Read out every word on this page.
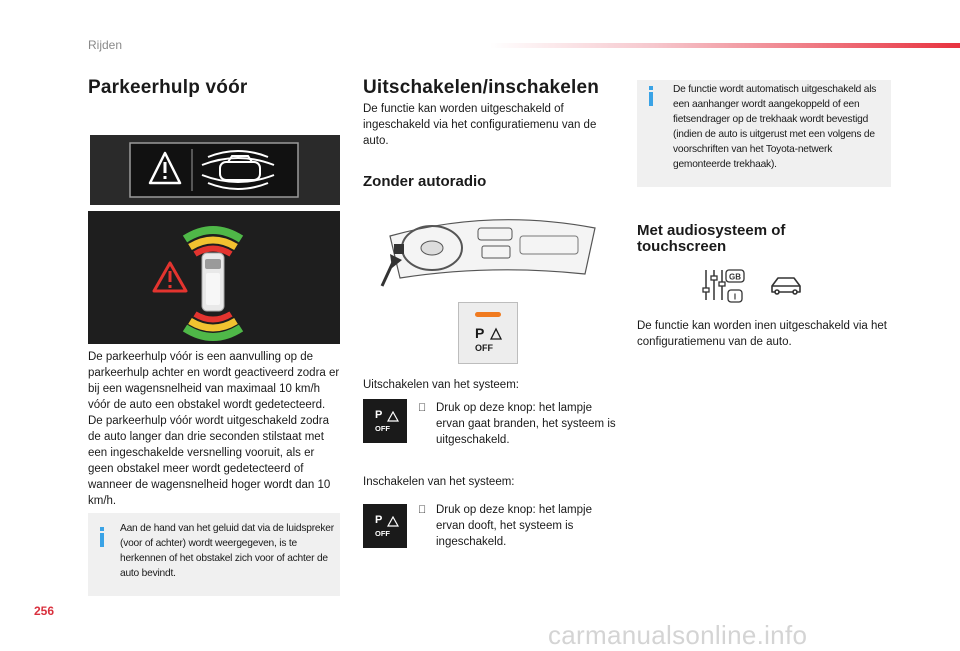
Rijden
Parkeerhulp vóór
De parkeerhulp vóór is een aanvulling op de parkeerhulp achter en wordt geactiveerd zodra er bij een wagensnelheid van maximaal 10 km/h vóór de auto een obstakel wordt gedetecteerd. De parkeerhulp vóór wordt uitgeschakeld zodra de auto langer dan drie seconden stilstaat met een ingeschakelde versnelling vooruit, als er geen obstakel meer wordt gedetecteerd of wanneer de wagensnelheid hoger wordt dan 10 km/h.
Aan de hand van het geluid dat via de luidspreker (voor of achter) wordt weergegeven, is te herkennen of het obstakel zich voor of achter de auto bevindt.
Uitschakelen/inschakelen
De functie kan worden uitgeschakeld of ingeschakeld via het configuratiemenu van de auto.
Zonder autoradio
P
OFF
Uitschakelen van het systeem:
P
OFF
Druk op deze knop: het lampje ervan gaat branden, het systeem is uitgeschakeld.
Inschakelen van het systeem:
P
OFF
Druk op deze knop: het lampje ervan dooft, het systeem is ingeschakeld.
De functie wordt automatisch uitgeschakeld als een aanhanger wordt aangekoppeld of een fietsendrager op de trekhaak wordt bevestigd (indien de auto is uitgerust met een volgens de voorschriften van het Toyota-netwerk gemonteerde trekhaak).
Met audiosysteem of touchscreen
GB
I
De functie kan worden inen uitgeschakeld via het configuratiemenu van de auto.
256
carmanualsonline.info
